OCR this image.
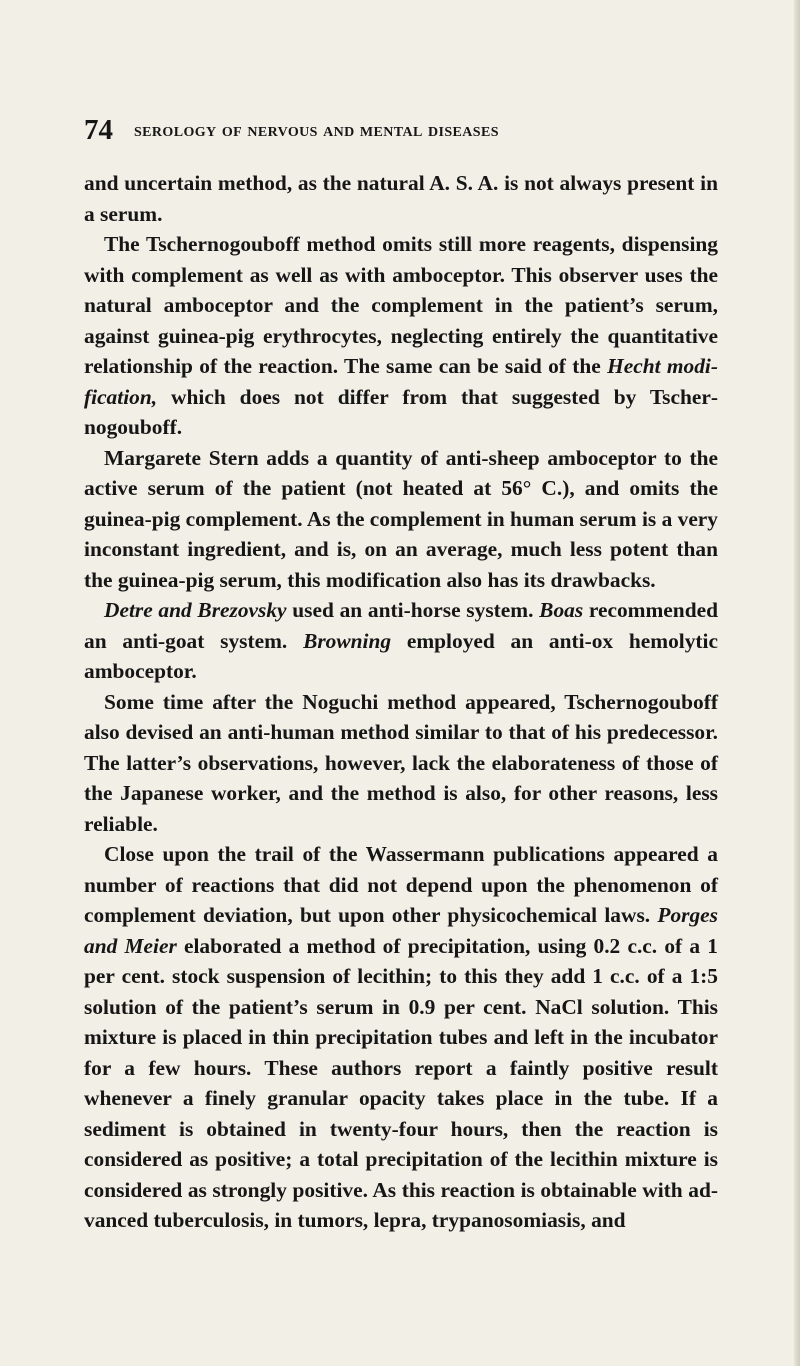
74 serology of nervous and mental diseases

and uncertain method, as the natural A. S. A. is not always present in a serum.

The Tschernogouboff method omits still more reagents, dispensing with complement as well as with amboceptor. This observer uses the natural amboceptor and the complement in the patient’s serum, against guinea-pig erythrocytes, neglecting entirely the quantitative relationship of the reaction. The same can be said of the Hecht modification, which does not differ from that suggested by Tschernogouboff.

Margarete Stern adds a quantity of anti-sheep amboceptor to the active serum of the patient (not heated at 56° C.), and omits the guinea-pig complement. As the complement in human serum is a very inconstant ingredient, and is, on an average, much less potent than the guinea-pig serum, this modification also has its drawbacks.

Detre and Brezovsky used an anti-horse system. Boas recommended an anti-goat system. Browning employed an anti-ox hemolytic amboceptor.

Some time after the Noguchi method appeared, Tschernogouboff also devised an anti-human method similar to that of his predecessor. The latter’s observations, however, lack the elaborateness of those of the Japanese worker, and the method is also, for other reasons, less reliable.

Close upon the trail of the Wassermann publications appeared a number of reactions that did not depend upon the phenomenon of complement deviation, but upon other physicochemical laws. Porges and Meier elaborated a method of precipitation, using 0.2 c.c. of a 1 per cent. stock suspension of lecithin; to this they add 1 c.c. of a 1:5 solution of the patient’s serum in 0.9 per cent. NaCl solution. This mixture is placed in thin precipitation tubes and left in the incubator for a few hours. These authors report a faintly positive result whenever a finely granular opacity takes place in the tube. If a sediment is obtained in twenty-four hours, then the reaction is considered as positive; a total precipitation of the lecithin mixture is considered as strongly positive. As this reaction is obtainable with advanced tuberculosis, in tumors, lepra, trypanosomiasis, and
